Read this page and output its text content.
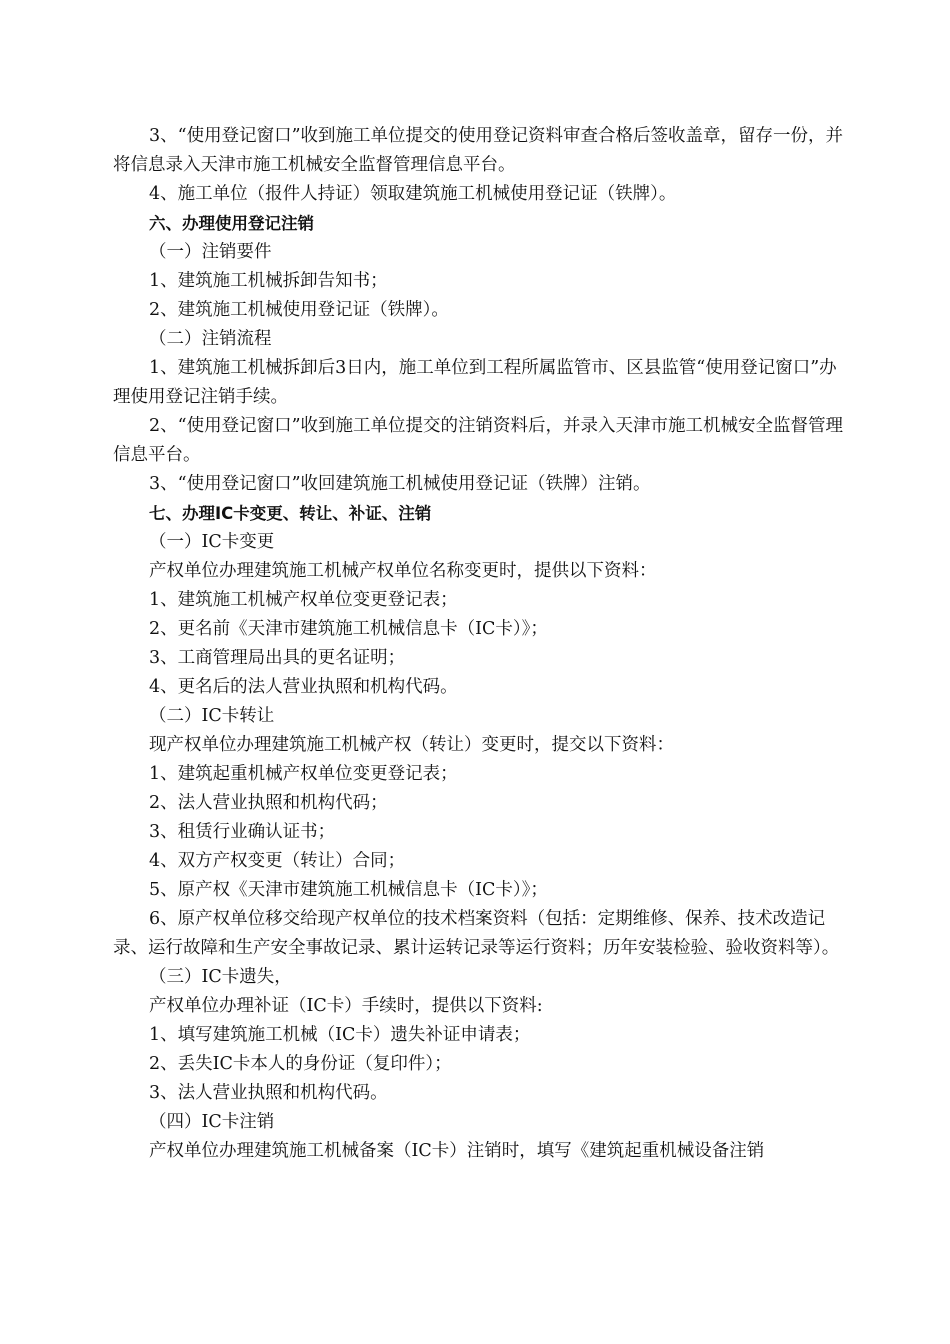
3、“使用登记窗口”收到施工单位提交的使用登记资料审查合格后签收盖章，留存一份，并将信息录入天津市施工机械安全监督管理信息平台。

4、施工单位（报件人持证）领取建筑施工机械使用登记证（铁牌）。

六、办理使用登记注销

（一）注销要件

1、建筑施工机械拆卸告知书；

2、建筑施工机械使用登记证（铁牌）。

（二）注销流程

1、建筑施工机械拆卸后3日内，施工单位到工程所属监管市、区县监管“使用登记窗口”办理使用登记注销手续。

2、“使用登记窗口”收到施工单位提交的注销资料后，并录入天津市施工机械安全监督管理信息平台。

3、“使用登记窗口”收回建筑施工机械使用登记证（铁牌）注销。

七、办理IC卡变更、转让、补证、注销

（一）IC卡变更

产权单位办理建筑施工机械产权单位名称变更时，提供以下资料：

1、建筑施工机械产权单位变更登记表；

2、更名前《天津市建筑施工机械信息卡（IC卡）》；

3、工商管理局出具的更名证明；

4、更名后的法人营业执照和机构代码。

（二）IC卡转让

现产权单位办理建筑施工机械产权（转让）变更时，提交以下资料：

1、建筑起重机械产权单位变更登记表；

2、法人营业执照和机构代码；

3、租赁行业确认证书；

4、双方产权变更（转让）合同；

5、原产权《天津市建筑施工机械信息卡（IC卡）》；

6、原产权单位移交给现产权单位的技术档案资料（包括：定期维修、保养、技术改造记录、运行故障和生产安全事故记录、累计运转记录等运行资料；历年安装检验、验收资料等）。

（三）IC卡遗失，

产权单位办理补证（IC卡）手续时，提供以下资料:

1、填写建筑施工机械（IC卡）遗失补证申请表；

2、丢失IC卡本人的身份证（复印件）；

3、法人营业执照和机构代码。

（四）IC卡注销

产权单位办理建筑施工机械备案（IC卡）注销时，填写《建筑起重机械设备注销
